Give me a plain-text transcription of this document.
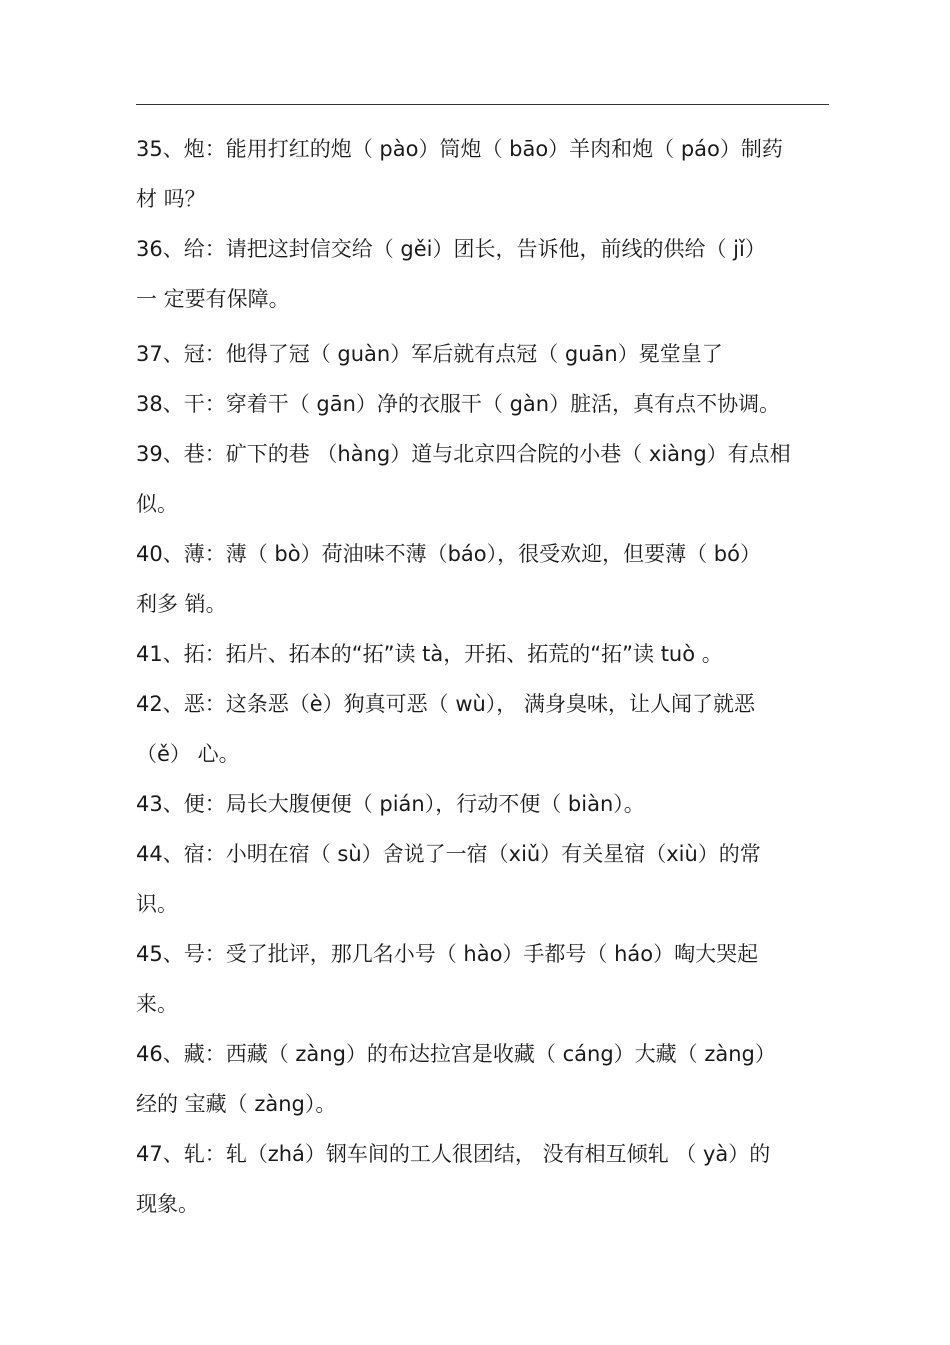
35、炮：能用打红的炮（ pào）筒炮（ bāo）羊肉和炮（ páo）制药
材 吗？
36、给：请把这封信交给（ gěi）团长，告诉他，前线的供给（ jǐ）
一 定要有保障。
37、冠：他得了冠（ guàn）军后就有点冠（ guān）冕堂皇了
38、干：穿着干（ gān）净的衣服干（ gàn）脏活，真有点不协调。
39、巷：矿下的巷 （hàng）道与北京四合院的小巷（ xiàng）有点相
似。
40、薄：薄（ bò）荷油味不薄（báo），很受欢迎，但要薄（ bó）
利多 销。
41、拓：拓片、拓本的“拓”读 tà，开拓、拓荒的“拓”读 tuò 。
42、恶：这条恶（è）狗真可恶（ wù）， 满身臭味，让人闻了就恶
（ě） 心。
43、便：局长大腹便便（ pián），行动不便（ biàn）。
44、宿：小明在宿（ sù）舍说了一宿（xiǔ）有关星宿（xiù）的常
识。
45、号：受了批评，那几名小号（ hào）手都号（ háo）啕大哭起
来。
46、藏：西藏（ zàng）的布达拉宫是收藏（ cáng）大藏（ zàng）
经的 宝藏（ zàng）。
47、轧：轧（zhá）钢车间的工人很团结， 没有相互倾轧 （ yà）的
现象。
